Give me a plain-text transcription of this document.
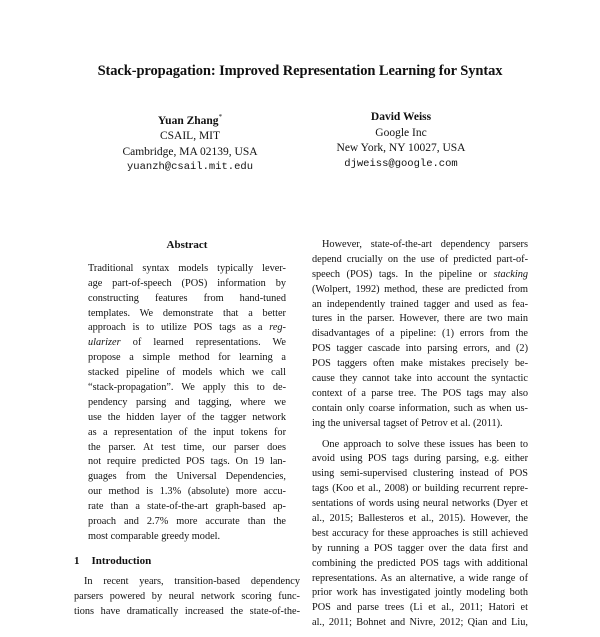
Stack-propagation: Improved Representation Learning for Syntax
Yuan Zhang*
CSAIL, MIT
Cambridge, MA 02139, USA
yuanzh@csail.mit.edu
David Weiss
Google Inc
New York, NY 10027, USA
djweiss@google.com
Abstract
Traditional syntax models typically lever-
age part-of-speech (POS) information by
constructing features from hand-tuned
templates. We demonstrate that a better
approach is to utilize POS tags as a reg-
ularizer of learned representations. We
propose a simple method for learning a
stacked pipeline of models which we call
“stack-propagation”. We apply this to de-
pendency parsing and tagging, where we
use the hidden layer of the tagger network
as a representation of the input tokens for
the parser. At test time, our parser does
not require predicted POS tags. On 19 lan-
guages from the Universal Dependencies,
our method is 1.3% (absolute) more accu-
rate than a state-of-the-art graph-based ap-
proach and 2.7% more accurate than the
most comparable greedy model.
1 Introduction
In recent years, transition-based dependency
parsers powered by neural network scoring func-
tions have dramatically increased the state-of-the-
However, state-of-the-art dependency parsers
depend crucially on the use of predicted part-of-
speech (POS) tags. In the pipeline or stacking
(Wolpert, 1992) method, these are predicted from
an independently trained tagger and used as fea-
tures in the parser. However, there are two main
disadvantages of a pipeline: (1) errors from the
POS tagger cascade into parsing errors, and (2)
POS taggers often make mistakes precisely be-
cause they cannot take into account the syntactic
context of a parse tree. The POS tags may also
contain only coarse information, such as when us-
ing the universal tagset of Petrov et al. (2011).
One approach to solve these issues has been to
avoid using POS tags during parsing, e.g. either
using semi-supervised clustering instead of POS
tags (Koo et al., 2008) or building recurrent repre-
sentations of words using neural networks (Dyer et
al., 2015; Ballesteros et al., 2015). However, the
best accuracy for these approaches is still achieved
by running a POS tagger over the data first and
combining the predicted POS tags with additional
representations. As an alternative, a wide range of
prior work has investigated jointly modeling both
POS and parse trees (Li et al., 2011; Hatori et
al., 2011; Bohnet and Nivre, 2012; Qian and Liu,
